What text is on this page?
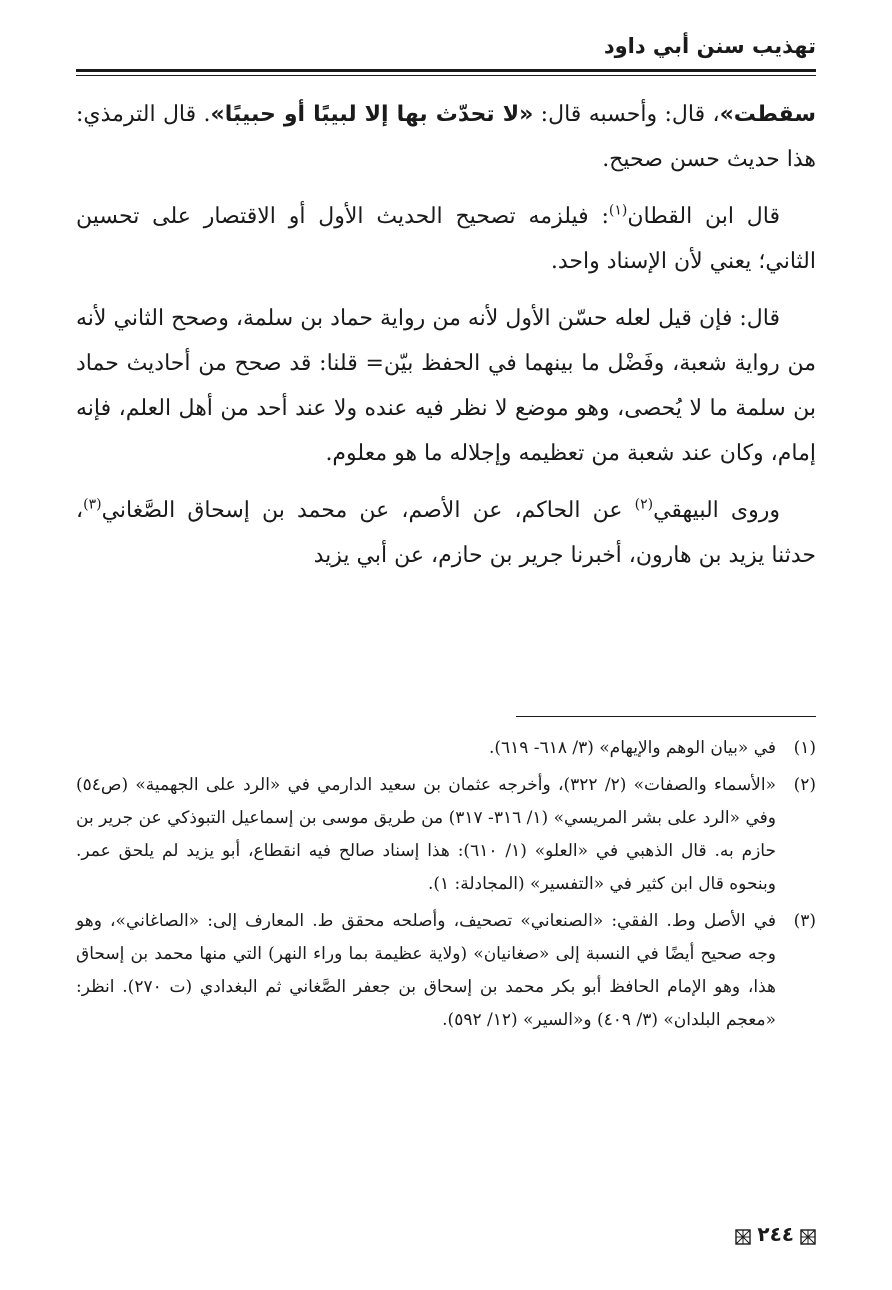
تهذيب سنن أبي داود

سقطت»، قال: وأحسبه قال: «لا تحدّث بها إلا لبيبًا أو حبيبًا». قال الترمذي: هذا حديث حسن صحيح.

قال ابن القطان$^{(١)}$: فيلزمه تصحيح الحديث الأول أو الاقتصار على تحسين الثاني؛ يعني لأن الإسناد واحد.

قال: فإن قيل لعله حسّن الأول لأنه من رواية حماد بن سلمة، وصحح الثاني لأنه من رواية شعبة، وفَضْل ما بينهما في الحفظ بيّن= قلنا: قد صحح من أحاديث حماد بن سلمة ما لا يُحصى، وهو موضع لا نظر فيه عنده ولا عند أحد من أهل العلم، فإنه إمام، وكان عند شعبة من تعظيمه وإجلاله ما هو معلوم.

وروى البيهقي$^{(٢)}$ عن الحاكم، عن الأصم، عن محمد بن إسحاق الصَّغاني$^{(٣)}$، حدثنا يزيد بن هارون، أخبرنا جرير بن حازم، عن أبي يزيد

(١)
في «بيان الوهم والإيهام» (٣/ ٦١٨- ٦١٩).
(٢)
«الأسماء والصفات» (٢/ ٣٢٢)، وأخرجه عثمان بن سعيد الدارمي في «الرد على الجهمية» (ص٥٤) وفي «الرد على بشر المريسي» (١/ ٣١٦- ٣١٧) من طريق موسى بن إسماعيل التبوذكي عن جرير بن حازم به. قال الذهبي في «العلو» (١/ ٦١٠): هذا إسناد صالح فيه انقطاع، أبو يزيد لم يلحق عمر. وبنحوه قال ابن كثير في «التفسير» (المجادلة: ١).
(٣)
في الأصل وط. الفقي: «الصنعاني» تصحيف، وأصلحه محقق ط. المعارف إلى: «الصاغاني»، وهو وجه صحيح أيضًا في النسبة إلى «صغانيان» (ولاية عظيمة بما وراء النهر) التي منها محمد بن إسحاق هذا، وهو الإمام الحافظ أبو بكر محمد بن إسحاق بن جعفر الصَّغاني ثم البغدادي (ت ٢٧٠). انظر: «معجم البلدان» (٣/ ٤٠٩) و«السير» (١٢/ ٥٩٢).
٢٤٤
